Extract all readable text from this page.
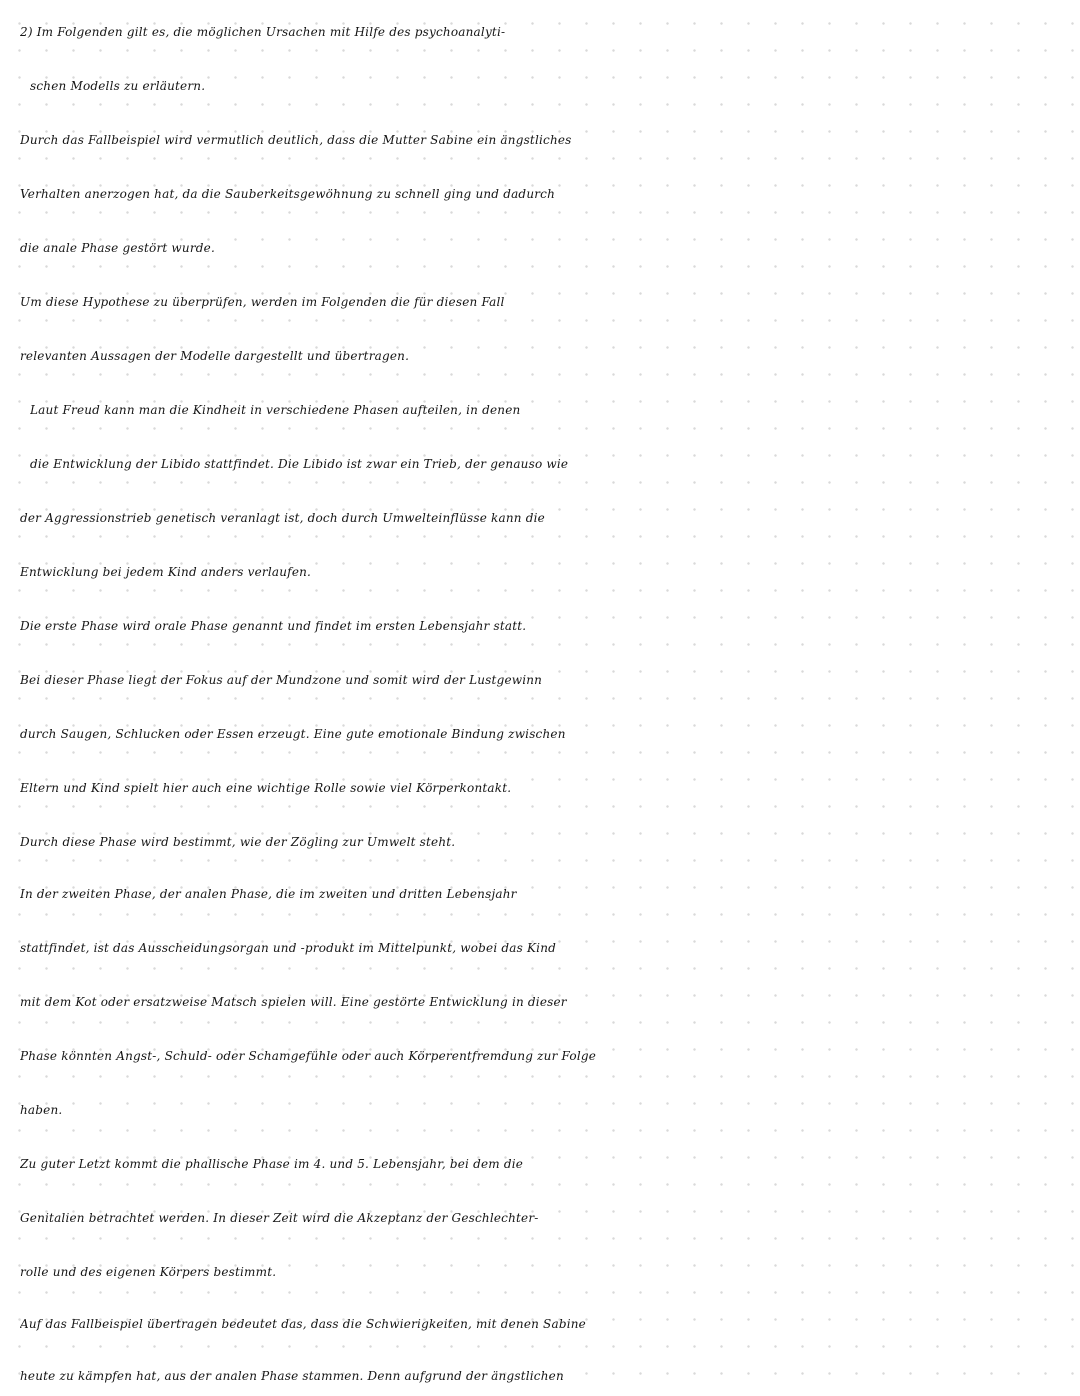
2) Im Folgenden gilt es, die möglichen Ursachen mit Hilfe des psychoanalyti-
schen Modells zu erläutern.
Durch das Fallbeispiel wird vermutlich deutlich, dass die Mutter Sabine ein ängstliches
Verhalten anerzogen hat, da die Sauberkeitsgewöhnung zu schnell ging und dadurch
die anale Phase gestört wurde.
Um diese Hypothese zu überprüfen, werden im Folgenden die für diesen Fall
relevanten Aussagen der Modelle dargestellt und übertragen.
Laut Freud kann man die Kindheit in verschiedene Phasen aufteilen, in denen
die Entwicklung der Libido stattfindet. Die Libido ist zwar ein Trieb, der genauso wie
der Aggressionstrieb genetisch veranlagt ist, doch durch Umwelteinflüsse kann die
Entwicklung bei jedem Kind anders verlaufen.
Die erste Phase wird orale Phase genannt und findet im ersten Lebensjahr statt.
Bei dieser Phase liegt der Fokus auf der Mundzone und somit wird der Lustgewinn
durch Saugen, Schlucken oder Essen erzeugt. Eine gute emotionale Bindung zwischen
Eltern und Kind spielt hier auch eine wichtige Rolle sowie viel Körperkontakt.
Durch diese Phase wird bestimmt, wie der Zögling zur Umwelt steht.
In der zweiten Phase, der analen Phase, die im zweiten und dritten Lebensjahr
stattfindet, ist das Ausscheidungsorgan und -produkt im Mittelpunkt, wobei das Kind
mit dem Kot oder ersatzweise Matsch spielen will. Eine gestörte Entwicklung in dieser
Phase könnten Angst-, Schuld- oder Schamgefühle oder auch Körperentfremdung zur Folge
haben.
Zu guter Letzt kommt die phallische Phase im 4. und 5. Lebensjahr, bei dem die
Genitalien betrachtet werden. In dieser Zeit wird die Akzeptanz der Geschlechter-
rolle und des eigenen Körpers bestimmt.
Auf das Fallbeispiel übertragen bedeutet das, dass die Schwierigkeiten, mit denen Sabine
heute zu kämpfen hat, aus der analen Phase stammen. Denn aufgrund der ängstlichen
